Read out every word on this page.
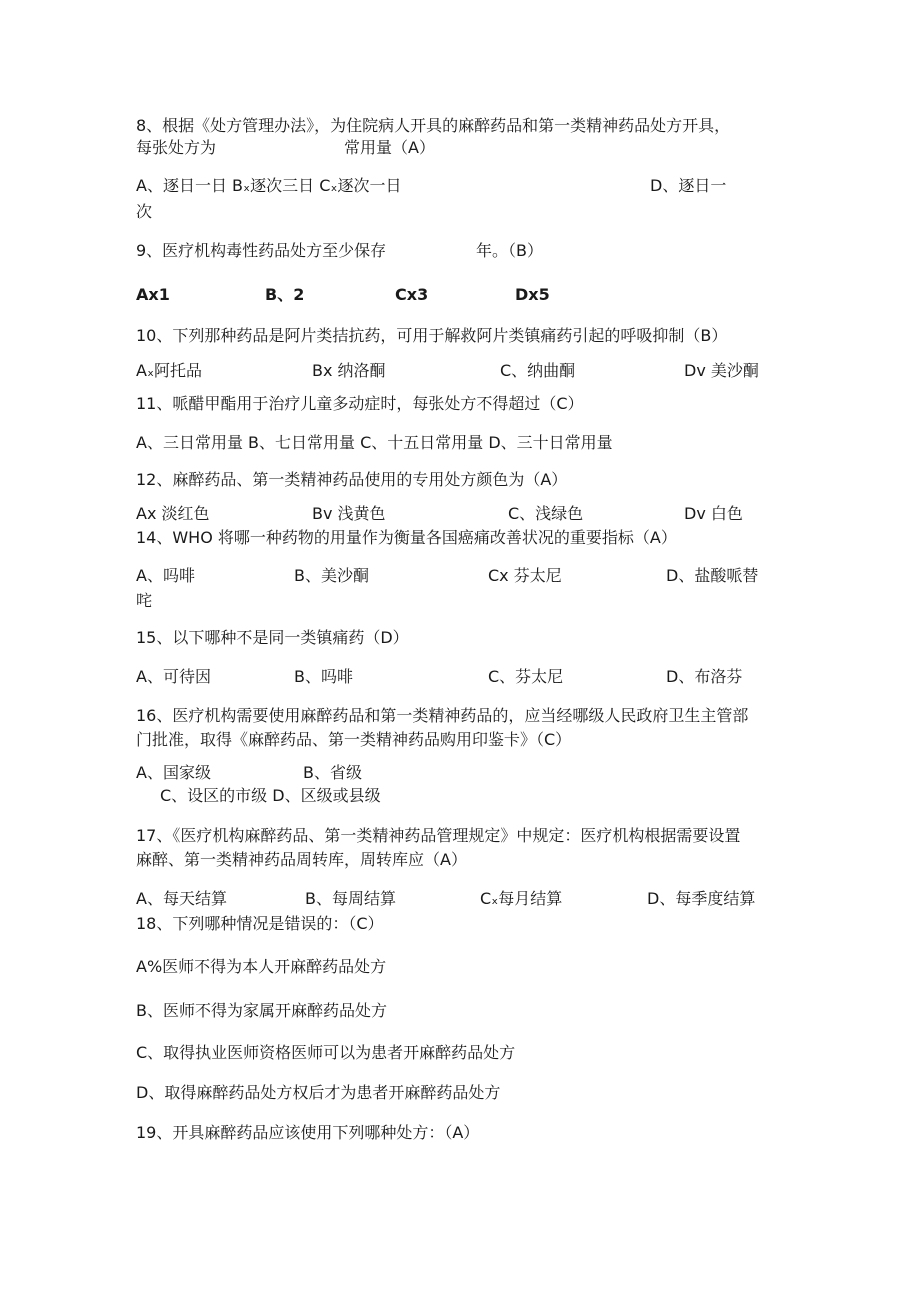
8、根据《处方管理办法》，为住院病人开具的麻醉药品和第一类精神药品处方开具，
每张处方为	常用量（A）
A、逐日一日 Bₓ逐次三日 Cₓ逐次一日	D、逐日一
次
9、医疗机构毒性药品处方至少保存	年。（B）
Ax1	B、2	Cx3	Dx5
10、下列那种药品是阿片类拮抗药，可用于解救阿片类镇痛药引起的呼吸抑制（B）
Aₓ阿托品	Bx 纳洛酮	C、纳曲酮	Dv 美沙酮
11、哌醋甲酯用于治疗儿童多动症时，每张处方不得超过（C）
A、三日常用量 B、七日常用量 C、十五日常用量 D、三十日常用量
12、麻醉药品、第一类精神药品使用的专用处方颜色为（A）
Ax 淡红色	Bv 浅黄色	C、浅绿色	Dv 白色
14、WHO 将哪一种药物的用量作为衡量各国癌痛改善状况的重要指标（A）
A、吗啡	B、美沙酮	Cx 芬太尼	D、盐酸哌替
咤
15、以下哪种不是同一类镇痛药（D）
A、可待因	B、吗啡	C、芬太尼	D、布洛芬
16、医疗机构需要使用麻醉药品和第一类精神药品的，应当经哪级人民政府卫生主管部
门批准，取得《麻醉药品、第一类精神药品购用印鉴卡》（C）
A、国家级	B、省级
C、设区的市级 D、区级或县级
17、《医疗机构麻醉药品、第一类精神药品管理规定》中规定：医疗机构根据需要设置
麻醉、第一类精神药品周转库，周转库应（A）
A、每天结算	B、每周结算	Cₓ每月结算	D、每季度结算
18、下列哪种情况是错误的：（C）
A%医师不得为本人开麻醉药品处方
B、医师不得为家属开麻醉药品处方
C、取得执业医师资格医师可以为患者开麻醉药品处方
D、取得麻醉药品处方权后才为患者开麻醉药品处方
19、开具麻醉药品应该使用下列哪种处方：（A）
